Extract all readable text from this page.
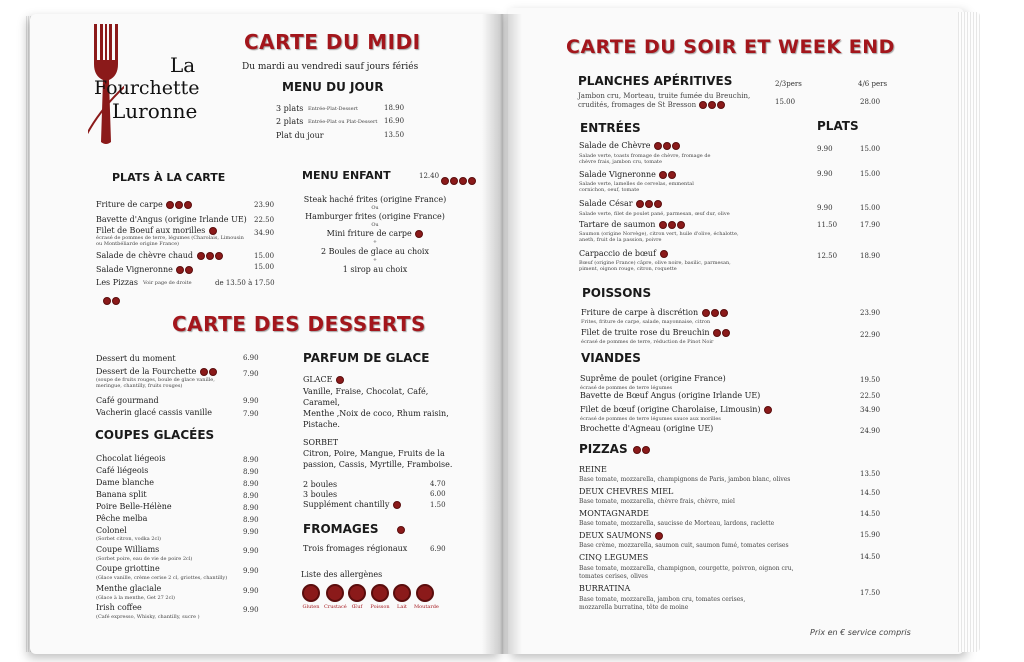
La
Fourchette
Luronne
CARTE DU MIDI
Du mardi au vendredi sauf jours fériés
MENU DU JOUR
3 plats Entrée-Plat-Dessert	18.90
2 plats Entrée-Plat ou Plat-Dessert 16.90
Plat du jour	13.50
PLATS À LA CARTE
Friture de carpe	23.90
Bavette d'Angus (origine Irlande UE) 22.50
Filet de Boeuf aux morilles
écrasé de pommes de terre, légumes (Charolais, Limousin ou Montbéliarde origine France)
34.90
Salade de chèvre chaud	15.00
Salade Vigneronne	15.00
Les Pizzas Voir page de droite	de 13.50 à 17.50
MENU ENFANT	12.40
Steak haché frites (origine France)
Ou
Hamburger frites (origine France)
Ou
Mini friture de carpe
+
2 Boules de glace au choix
+
1 sirop au choix
CARTE DES DESSERTS
Dessert du moment	6.90
Dessert de la Fourchette
(soupe de fruits rouges, boule de glace vanille, meringue, chantilly, fruits rouges)
7.90
Café gourmand	9.90
Vacherin glacé cassis vanille	7.90
COUPES GLACÉES
Chocolat liégeois	8.90
Café liégeois	8.90
Dame blanche	8.90
Banana split	8.90
Poire Belle-Hélène	8.90
Pêche melba	8.90
Colonel
(Sorbet citron, vodka 2cl)
9.90
Coupe Williams
(Sorbet poire, eau de vie de poire 2cl)
9.90
Coupe griottine
(Glace vanille, crème cerise 2 cl, griottes, chantilly)
9.90
Menthe glaciale
(Glace à la menthe, Get 27 2cl)
9.90
Irish coffee
(Café expresso, Whisky, chantilly, sucre )
9.90
PARFUM DE GLACE
GLACE
Vanille, Fraise, Chocolat, Café,
Caramel,
Menthe ,Noix de coco, Rhum raisin,
Pistache.
SORBET
Citron, Poire, Mangue, Fruits de la
passion, Cassis, Myrtille, Framboise.
2 boules	4.70
3 boules	6.00
Supplément chantilly	1.50
FROMAGES
Trois fromages régionaux	6.90
Liste des allergènes
Gluten Crustacé Œuf	Poisson	Lait	Moutarde
CARTE DU SOIR ET WEEK END
PLANCHES APÉRITIVES	2/3pers	4/6 pers
Jambon cru, Morteau, truite fumée du Breuchin,
crudités, fromages de St Bresson	15.00	28.00
ENTRÉES	PLATS
Salade de Chèvre
Salade verte, toasts fromage de chèvre, fromage de chèvre frais, jambon cru, tomate
9.90	15.00
Salade Vigneronne
Salade verte, lamelles de cervelas, emmental cornichon, oeuf, tomate
9.90	15.00
Salade César
Salade verte, filet de poulet pané, parmesan, œuf dur, olive
9.90	15.00
Tartare de saumon
Saumon (origine Norvège), citron vert, huile d'olive, échalotte, aneth, fruit de la passion, poivre
11.50	17.90
Carpaccio de bœuf
Bœuf (origine France) câpre, olive noire, basilic, parmesan, piment, oignon rouge, citron, roquette
12.50	18.90
POISSONS
Friture de carpe à discrétion
Frites, friture de carpe, salade, mayonnaise, citron
23.90
Filet de truite rose du Breuchin
écrasé de pommes de terre, réduction de Pinot Noir
22.90
VIANDES
Suprême de poulet (origine France)
écrasé de pommes de terre légumes
19.50
Bavette de Bœuf Angus (origine Irlande UE)	22.50
Filet de bœuf (origine Charolaise, Limousin)
écrasé de pommes de terre légumes sauce aux morilles
34.90
Brochette d'Agneau (origine UE)	24.90
PIZZAS
REINE
Base tomate, mozzarella, champignons de Paris, jambon blanc, olives
13.50
DEUX CHEVRES MIEL
Base tomate, mozzarella, chèvre frais, chèvre, miel
14.50
MONTAGNARDE
Base tomate, mozzarella, saucisse de Morteau, lardons, raclette
14.50
DEUX SAUMONS
Base crème, mozzarella, saumon cuit, saumon fumé, tomates cerises
15.90
CINQ LEGUMES
Base tomate, mozzarella, champignon, courgette, poivron, oignon cru, tomates cerises, olives
14.50
BURRATINA
Base tomate, mozzarella, jambon cru, tomates cerises, mozzarella burratina, tête de moine
17.50
Prix en € service compris
